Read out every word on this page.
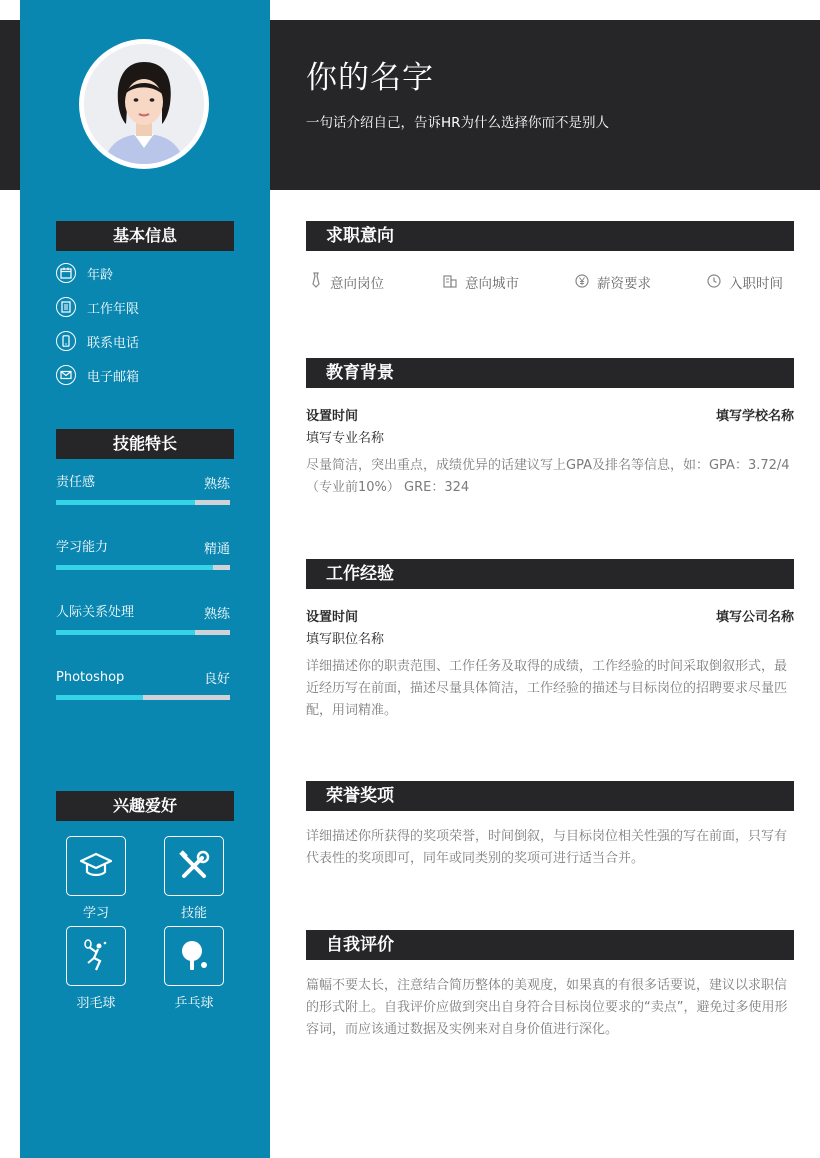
你的名字
一句话介绍自己，告诉HR为什么选择你而不是别人
基本信息
年龄
工作年限
联系电话
电子邮箱
技能特长
责任感	熟练
学习能力	精通
人际关系处理	熟练
Photoshop	良好
兴趣爱好
学习	技能
羽毛球	乒乓球
求职意向
意向岗位	意向城市	薪资要求	入职时间
教育背景
设置时间	填写学校名称
填写专业名称
尽量简洁，突出重点，成绩优异的话建议写上GPA及排名等信息，如：GPA：3.72/4（专业前10%） GRE：324
工作经验
设置时间	填写公司名称
填写职位名称
详细描述你的职责范围、工作任务及取得的成绩，工作经验的时间采取倒叙形式，最近经历写在前面，描述尽量具体简洁，工作经验的描述与目标岗位的招聘要求尽量匹配，用词精准。
荣誉奖项
详细描述你所获得的奖项荣誉，时间倒叙，与目标岗位相关性强的写在前面，只写有代表性的奖项即可，同年或同类别的奖项可进行适当合并。
自我评价
篇幅不要太长，注意结合简历整体的美观度，如果真的有很多话要说，建议以求职信的形式附上。自我评价应做到突出自身符合目标岗位要求的“卖点”，避免过多使用形容词，而应该通过数据及实例来对自身价值进行深化。
